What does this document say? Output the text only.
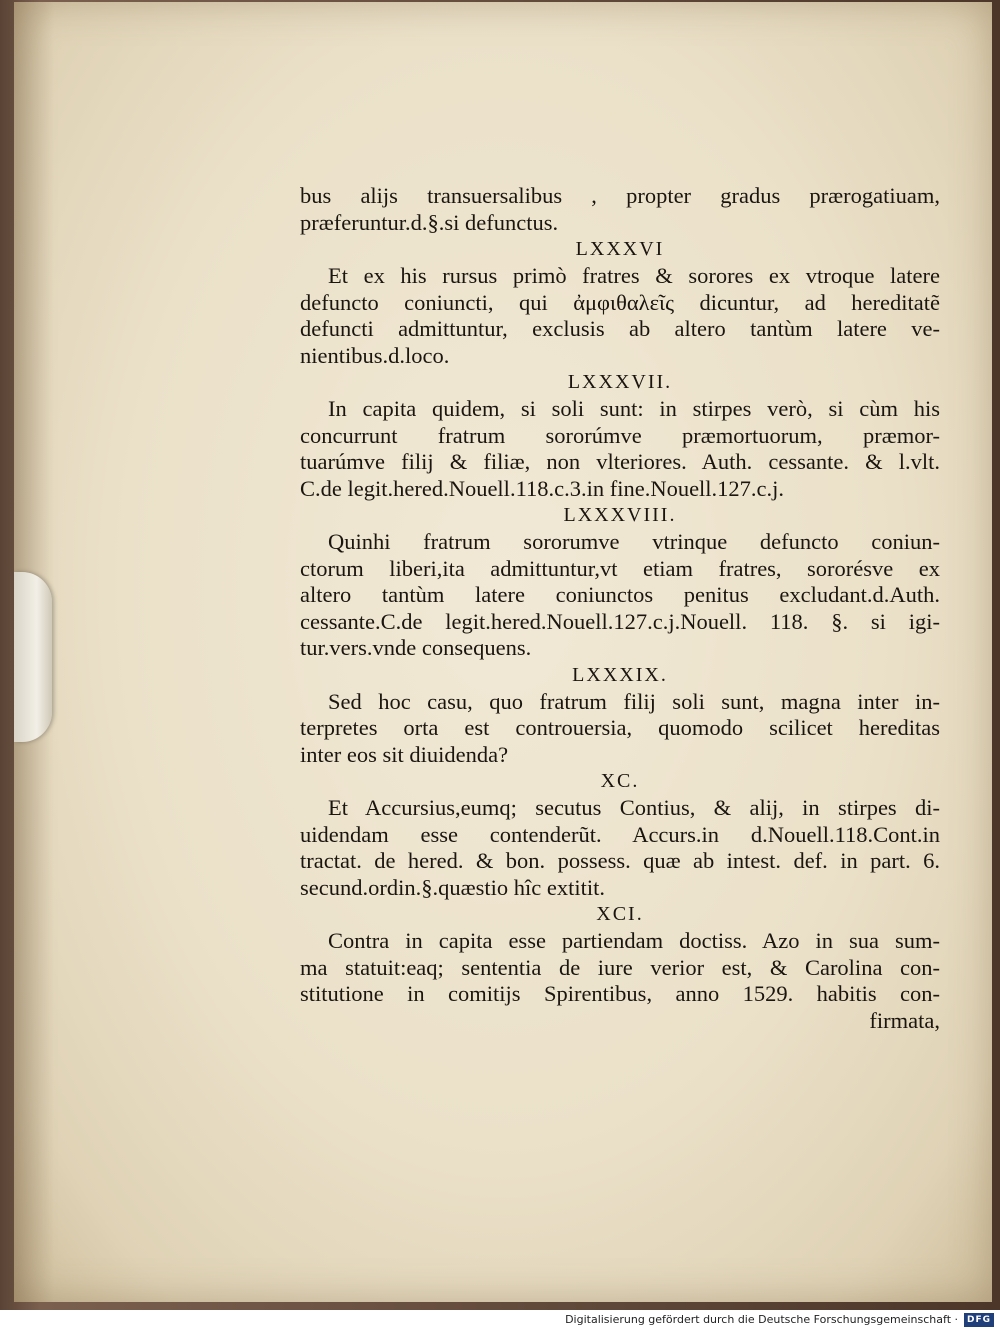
bus alijs transuersalibus , propter gradus prærogatiuam,
præferuntur.d.§.si defunctus.
LXXXVI
Et ex his rursus primò fratres & sorores ex vtroque latere
defuncto coniuncti, qui ἀμφιθαλεῖς dicuntur, ad hereditatẽ
defuncti admittuntur, exclusis ab altero tantùm latere ve-
nientibus.d.loco.
LXXXVII.
In capita quidem, si soli sunt: in stirpes verò, si cùm his
concurrunt fratrum sororúmve præmortuorum, præmor-
tuarúmve filij & filiæ, non vlteriores. Auth. cessante. & l.vlt.
C.de legit.hered.Nouell.118.c.3.in fine.Nouell.127.c.j.
LXXXVIII.
Quinhi fratrum sororumve vtrinque defuncto coniun-
ctorum liberi,ita admittuntur,vt etiam fratres, sororésve ex
altero tantùm latere coniunctos penitus excludant.d.Auth.
cessante.C.de legit.hered.Nouell.127.c.j.Nouell. 118. §. si igi-
tur.vers.vnde consequens.
LXXXIX.
Sed hoc casu, quo fratrum filij soli sunt, magna inter in-
terpretes orta est controuersia, quomodo scilicet hereditas
inter eos sit diuidenda?
XC.
Et Accursius,eumq; secutus Contius, & alij, in stirpes di-
uidendam esse contenderũt. Accurs.in d.Nouell.118.Cont.in
tractat. de hered. & bon. possess. quæ ab intest. def. in part. 6.
secund.ordin.§.quæstio hîc extitit.
XCI.
Contra in capita esse partiendam doctiss. Azo in sua sum-
ma statuit:eaq; sententia de iure verior est, & Carolina con-
stitutione in comitijs Spirentibus, anno 1529. habitis con-
firmata,
Digitalisierung gefördert durch die Deutsche Forschungsgemeinschaft · DFG
